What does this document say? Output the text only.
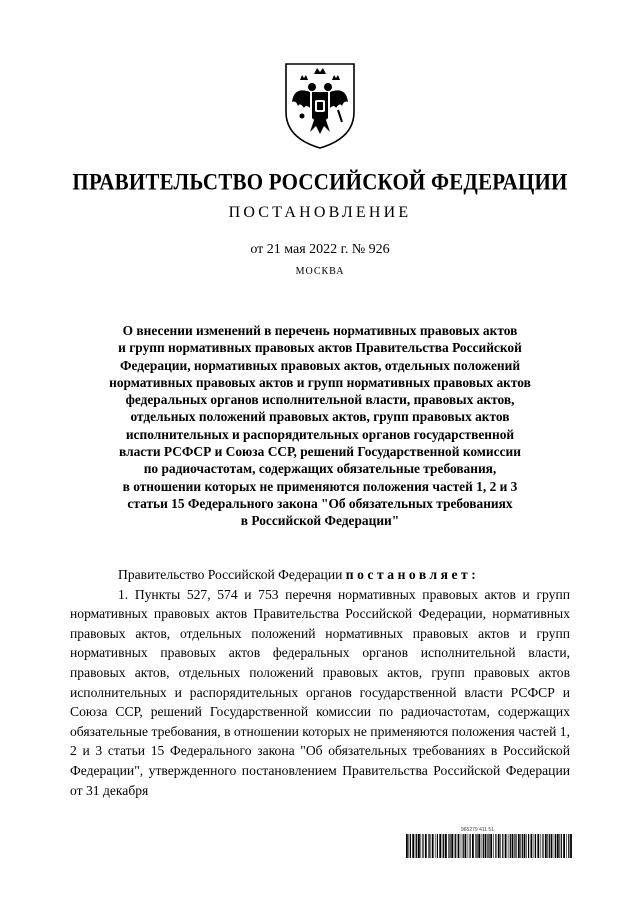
ПРАВИТЕЛЬСТВО РОССИЙСКОЙ ФЕДЕРАЦИИ
ПОСТАНОВЛЕНИЕ
от 21 мая 2022 г. № 926
МОСКВА
О внесении изменений в перечень нормативных правовых актов
и групп нормативных правовых актов Правительства Российской
Федерации, нормативных правовых актов, отдельных положений
нормативных правовых актов и групп нормативных правовых актов
федеральных органов исполнительной власти, правовых актов,
отдельных положений правовых актов, групп правовых актов
исполнительных и распорядительных органов государственной
власти РСФСР и Союза ССР, решений Государственной комиссии
по радиочастотам, содержащих обязательные требования,
в отношении которых не применяются положения частей 1, 2 и 3
статьи 15 Федерального закона "Об обязательных требованиях
в Российской Федерации"

Правительство Российской Федерации постановляет:

1. Пункты 527, 574 и 753 перечня нормативных правовых актов и групп нормативных правовых актов Правительства Российской Федерации, нормативных правовых актов, отдельных положений нормативных правовых актов и групп нормативных правовых актов федеральных органов исполнительной власти, правовых актов, отдельных положений правовых актов, групп правовых актов исполнительных и распорядительных органов государственной власти РСФСР и Союза ССР, решений Государственной комиссии по радиочастотам, содержащих обязательные требования, в отношении которых не применяются положения частей 1, 2 и 3 статьи 15 Федерального закона "Об обязательных требованиях в Российской Федерации", утвержденного постановлением Правительства Российской Федерации от 31 декабря

965279 411 51
